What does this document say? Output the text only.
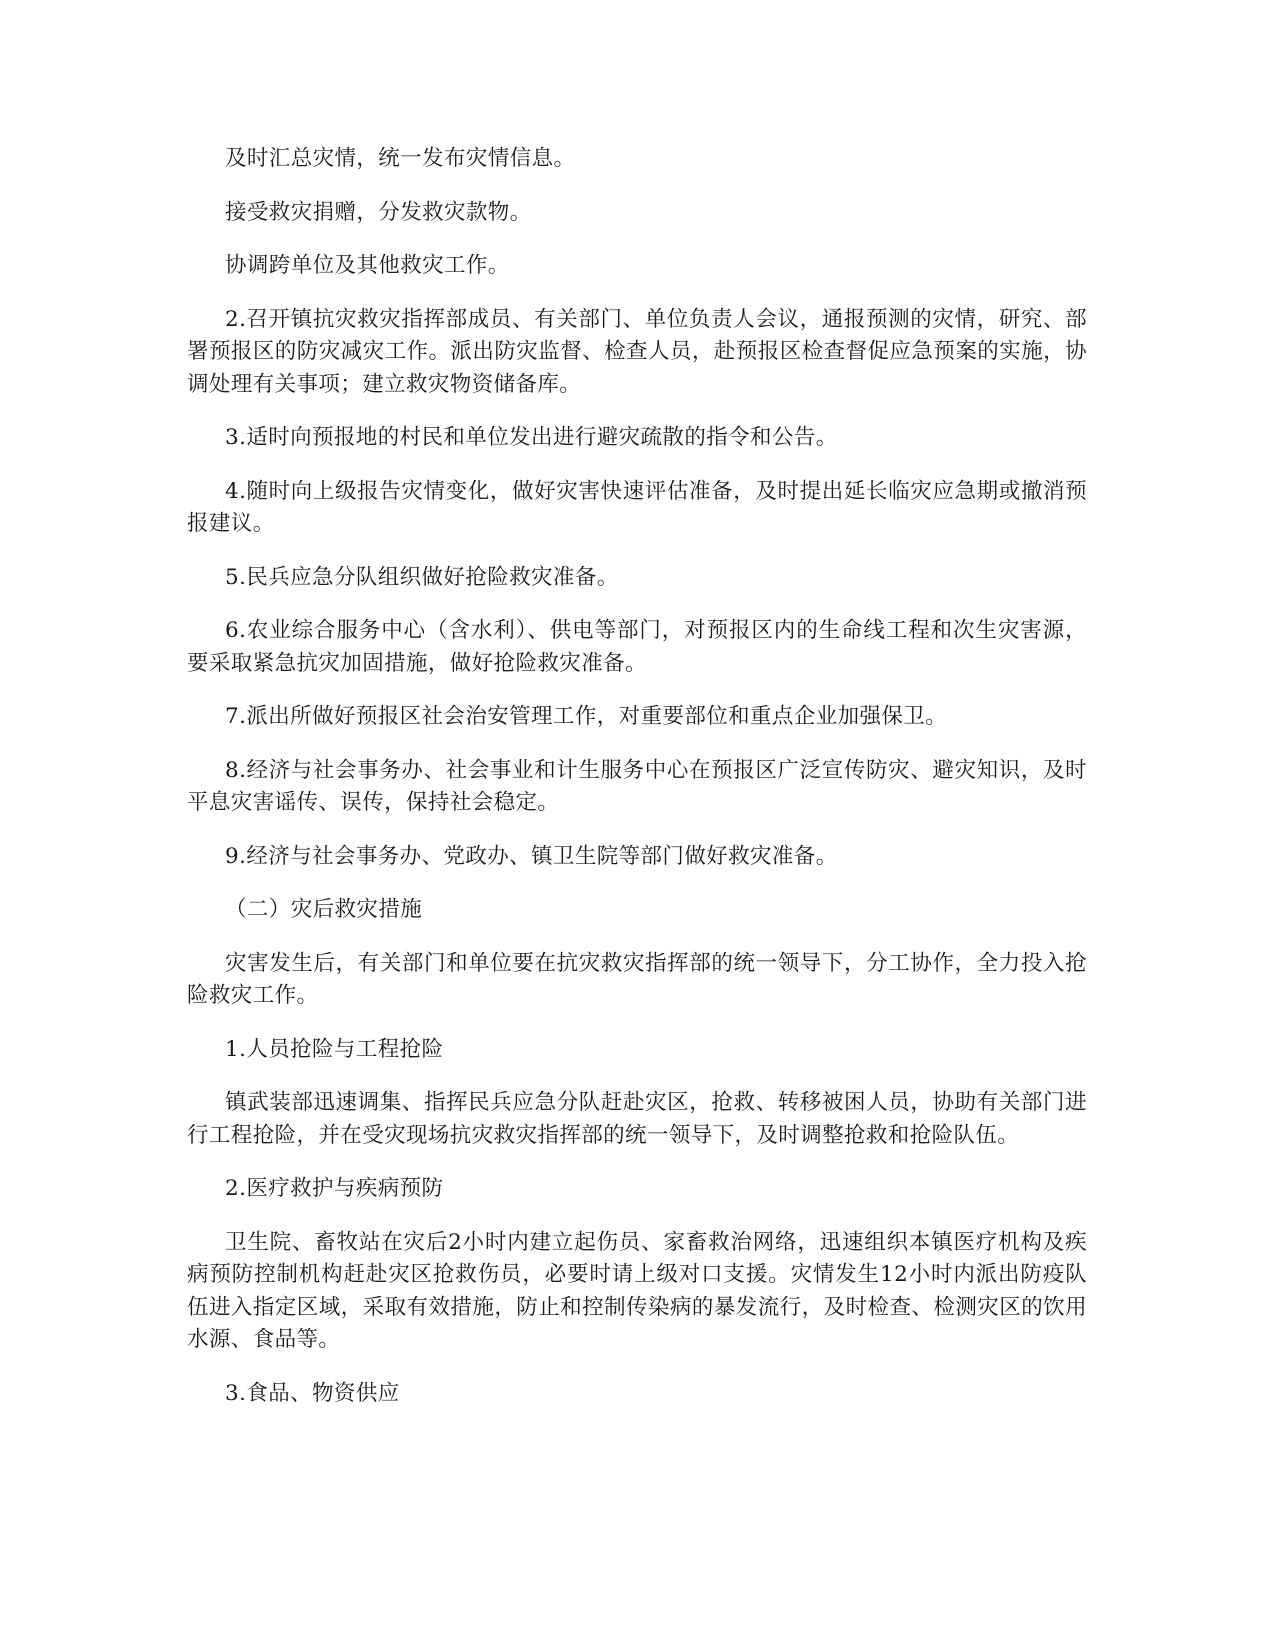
及时汇总灾情，统一发布灾情信息。

接受救灾捐赠，分发救灾款物。

协调跨单位及其他救灾工作。

2.召开镇抗灾救灾指挥部成员、有关部门、单位负责人会议，通报预测的灾情，研究、部署预报区的防灾减灾工作。派出防灾监督、检查人员，赴预报区检查督促应急预案的实施，协调处理有关事项；建立救灾物资储备库。

3.适时向预报地的村民和单位发出进行避灾疏散的指令和公告。

4.随时向上级报告灾情变化，做好灾害快速评估准备，及时提出延长临灾应急期或撤消预报建议。

5.民兵应急分队组织做好抢险救灾准备。

6.农业综合服务中心（含水利）、供电等部门，对预报区内的生命线工程和次生灾害源，要采取紧急抗灾加固措施，做好抢险救灾准备。

7.派出所做好预报区社会治安管理工作，对重要部位和重点企业加强保卫。

8.经济与社会事务办、社会事业和计生服务中心在预报区广泛宣传防灾、避灾知识，及时平息灾害谣传、误传，保持社会稳定。

9.经济与社会事务办、党政办、镇卫生院等部门做好救灾准备。

（二）灾后救灾措施

灾害发生后，有关部门和单位要在抗灾救灾指挥部的统一领导下，分工协作，全力投入抢险救灾工作。

1.人员抢险与工程抢险

镇武装部迅速调集、指挥民兵应急分队赶赴灾区，抢救、转移被困人员，协助有关部门进行工程抢险，并在受灾现场抗灾救灾指挥部的统一领导下，及时调整抢救和抢险队伍。

2.医疗救护与疾病预防

卫生院、畜牧站在灾后2小时内建立起伤员、家畜救治网络，迅速组织本镇医疗机构及疾病预防控制机构赶赴灾区抢救伤员，必要时请上级对口支援。灾情发生12小时内派出防疫队伍进入指定区域，采取有效措施，防止和控制传染病的暴发流行，及时检查、检测灾区的饮用水源、食品等。

3.食品、物资供应
